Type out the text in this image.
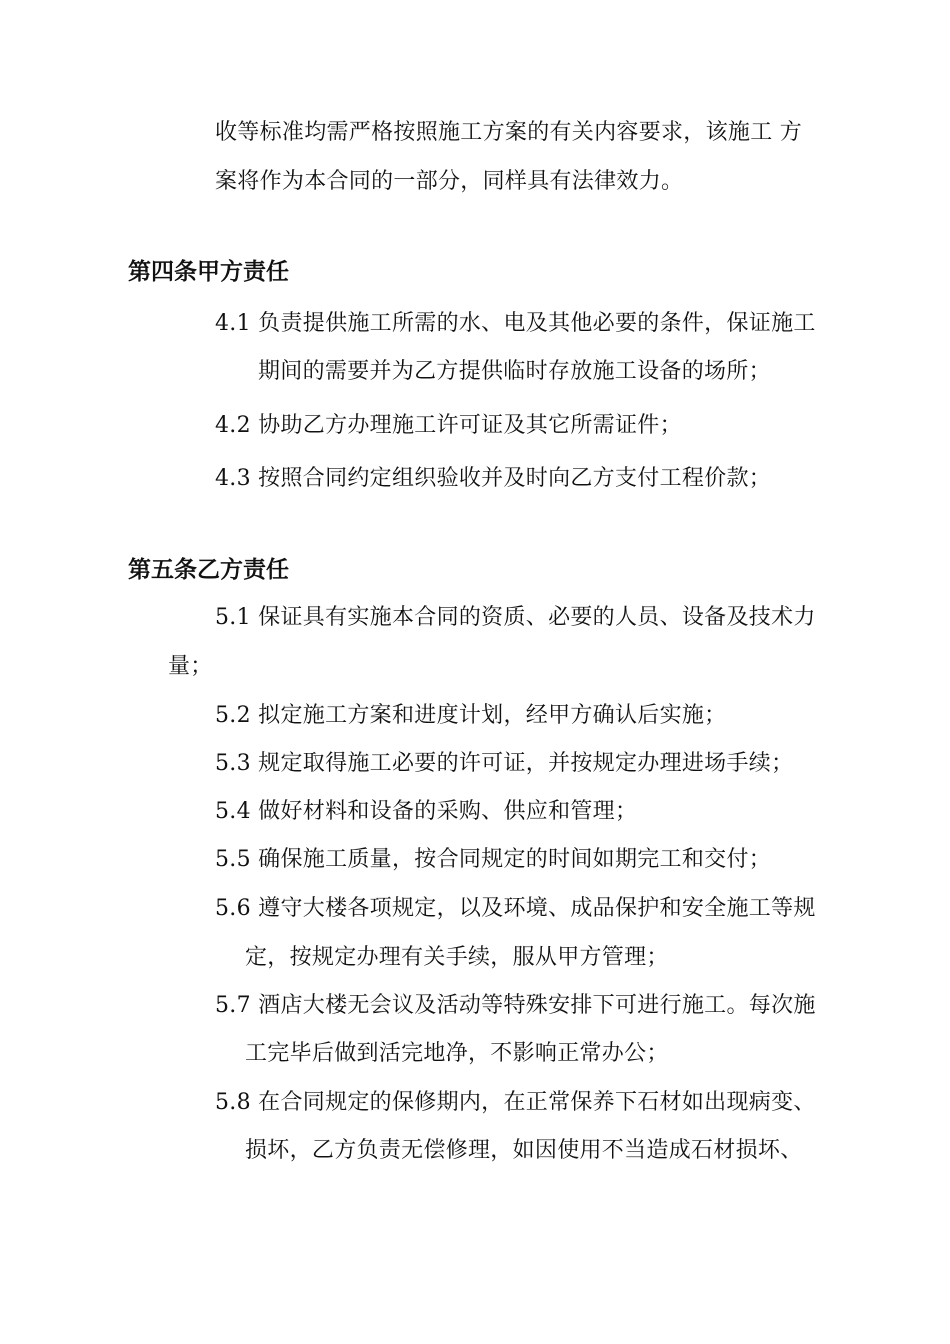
收等标准均需严格按照施工方案的有关内容要求，该施工 方
案将作为本合同的一部分，同样具有法律效力。
第四条甲方责任
4.1 负责提供施工所需的水、电及其他必要的条件，保证施工
期间的需要并为乙方提供临时存放施工设备的场所；
4.2 协助乙方办理施工许可证及其它所需证件；
4.3 按照合同约定组织验收并及时向乙方支付工程价款；
第五条乙方责任
5.1 保证具有实施本合同的资质、必要的人员、设备及技术力
量；
5.2 拟定施工方案和进度计划，经甲方确认后实施；
5.3 规定取得施工必要的许可证，并按规定办理进场手续；
5.4 做好材料和设备的采购、供应和管理；
5.5 确保施工质量，按合同规定的时间如期完工和交付；
5.6 遵守大楼各项规定，以及环境、成品保护和安全施工等规
定，按规定办理有关手续，服从甲方管理；
5.7 酒店大楼无会议及活动等特殊安排下可进行施工。每次施
工完毕后做到活完地净，不影响正常办公；
5.8 在合同规定的保修期内，在正常保养下石材如出现病变、
损坏，乙方负责无偿修理，如因使用不当造成石材损坏、
